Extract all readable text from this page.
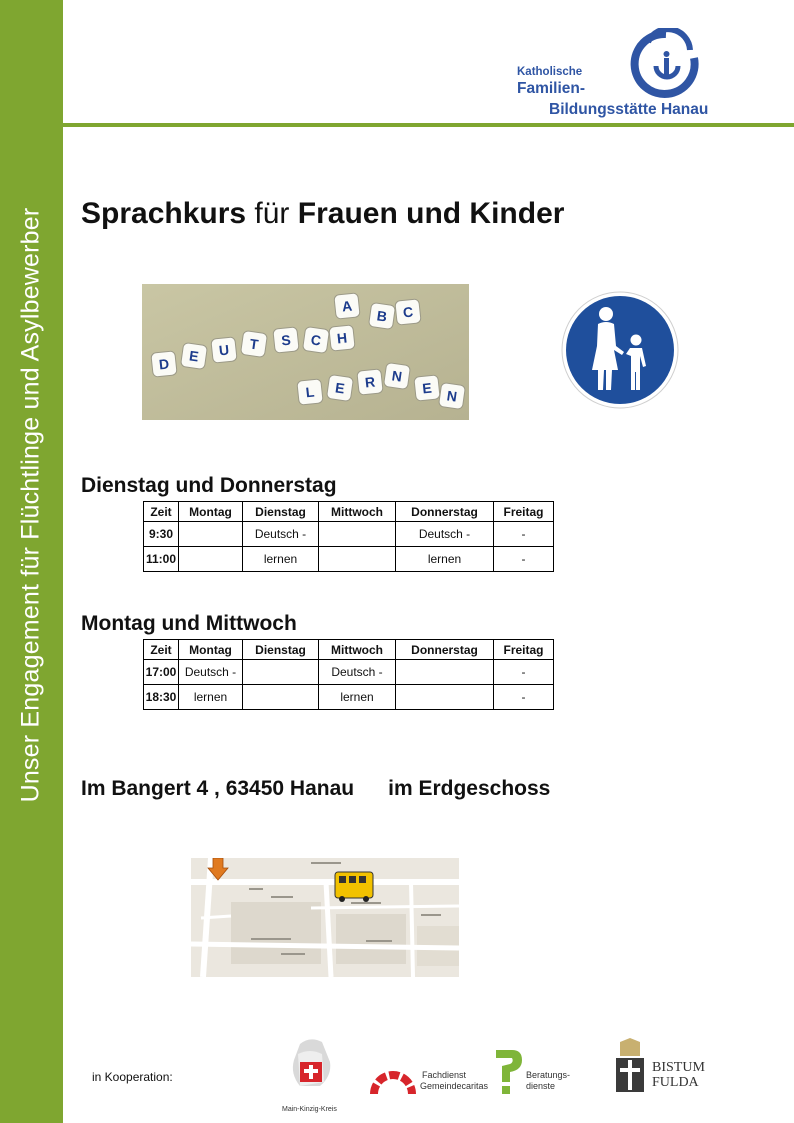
Unser Engagement für Flüchtlinge und Asylbewerber
Katholische
Familien-
Bildungsstätte Hanau
Sprachkurs für Frauen und Kinder
D E U T S C H
A
B C
L E R N
E N
Dienstag und Donnerstag
Zeit	Montag	Dienstag	Mittwoch	Donnerstag	Freitag
9:30		Deutsch -		Deutsch -	-
11:00		lernen		lernen	-
Montag und Mittwoch
Zeit	Montag	Dienstag	Mittwoch	Donnerstag	Freitag
17:00	Deutsch -		Deutsch -		-
18:30	lernen		lernen		-
Im Bangert 4 , 63450 Hanau im Erdgeschoss
in Kooperation:
Main-Kinzig-Kreis
Fachdienst
Gemeindecaritas
Beratungs-
dienste
BISTUM
FULDA
